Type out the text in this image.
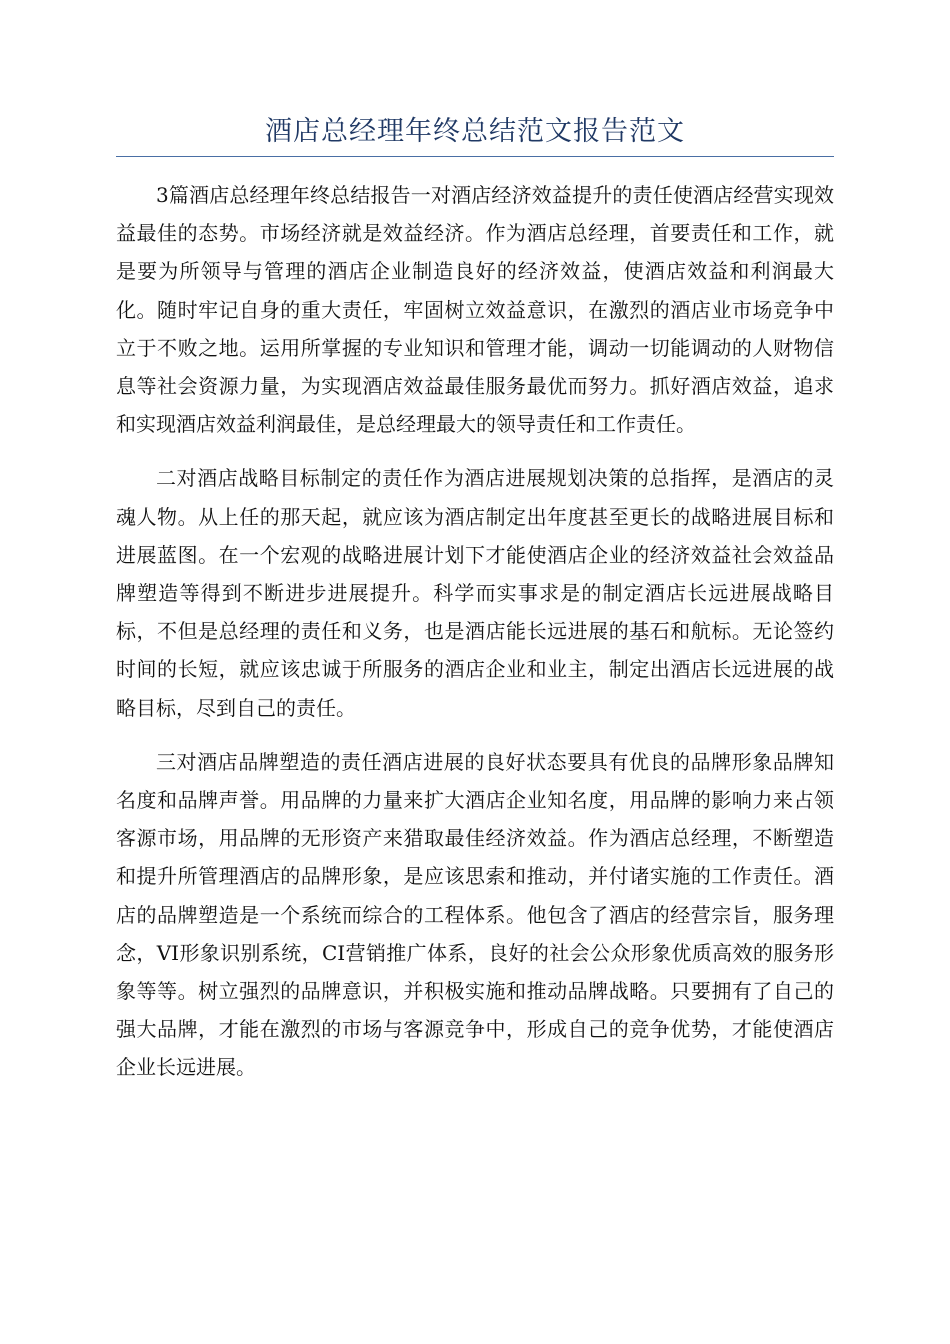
酒店总经理年终总结范文报告范文

3篇酒店总经理年终总结报告一对酒店经济效益提升的责任使酒店经营实现效益最佳的态势。市场经济就是效益经济。作为酒店总经理，首要责任和工作，就是要为所领导与管理的酒店企业制造良好的经济效益，使酒店效益和利润最大化。随时牢记自身的重大责任，牢固树立效益意识，在激烈的酒店业市场竞争中立于不败之地。运用所掌握的专业知识和管理才能，调动一切能调动的人财物信息等社会资源力量，为实现酒店效益最佳服务最优而努力。抓好酒店效益，追求和实现酒店效益利润最佳，是总经理最大的领导责任和工作责任。

二对酒店战略目标制定的责任作为酒店进展规划决策的总指挥，是酒店的灵魂人物。从上任的那天起，就应该为酒店制定出年度甚至更长的战略进展目标和进展蓝图。在一个宏观的战略进展计划下才能使酒店企业的经济效益社会效益品牌塑造等得到不断进步进展提升。科学而实事求是的制定酒店长远进展战略目标，不但是总经理的责任和义务，也是酒店能长远进展的基石和航标。无论签约时间的长短，就应该忠诚于所服务的酒店企业和业主，制定出酒店长远进展的战略目标，尽到自己的责任。

三对酒店品牌塑造的责任酒店进展的良好状态要具有优良的品牌形象品牌知名度和品牌声誉。用品牌的力量来扩大酒店企业知名度，用品牌的影响力来占领客源市场，用品牌的无形资产来猎取最佳经济效益。作为酒店总经理，不断塑造和提升所管理酒店的品牌形象，是应该思索和推动，并付诸实施的工作责任。酒店的品牌塑造是一个系统而综合的工程体系。他包含了酒店的经营宗旨，服务理念，VI形象识别系统，CI营销推广体系，良好的社会公众形象优质高效的服务形象等等。树立强烈的品牌意识，并积极实施和推动品牌战略。只要拥有了自己的强大品牌，才能在激烈的市场与客源竞争中，形成自己的竞争优势，才能使酒店企业长远进展。
